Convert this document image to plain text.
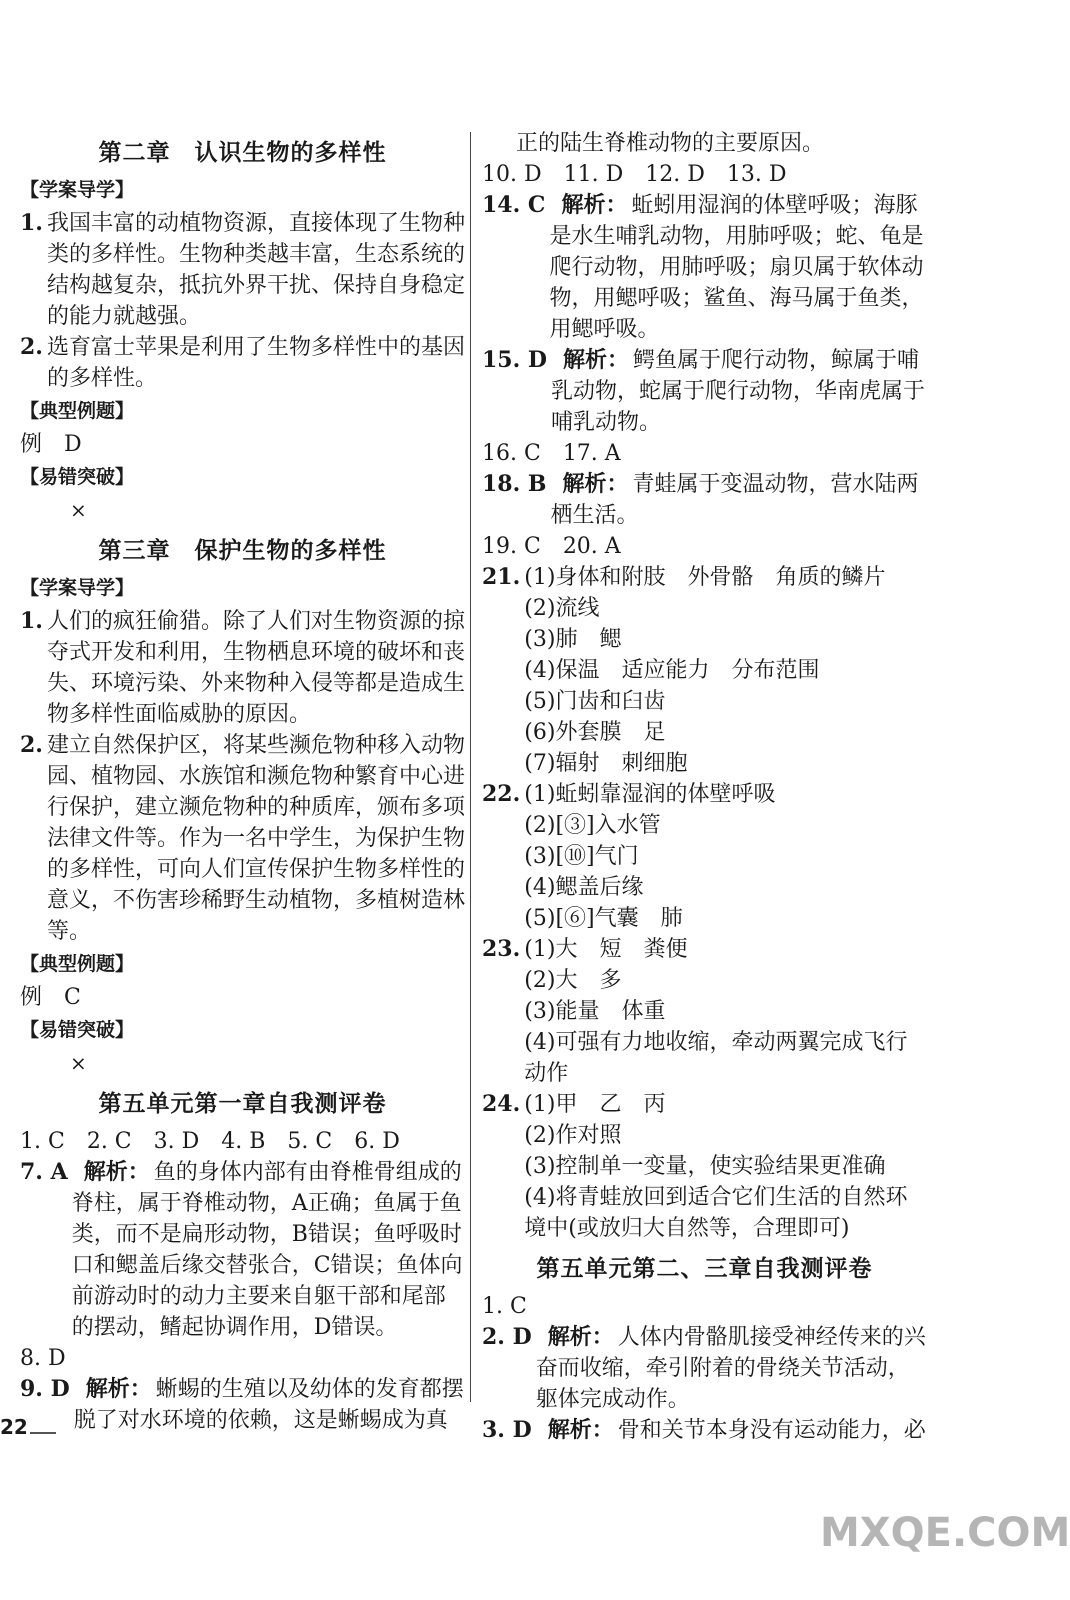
第二章　认识生物的多样性
【学案导学】
1. 我国丰富的动植物资源，直接体现了生物种类的多样性。生物种类越丰富，生态系统的结构越复杂，抵抗外界干扰、保持自身稳定的能力就越强。
2. 选育富士苹果是利用了生物多样性中的基因的多样性。
【典型例题】
例　D
【易错突破】
×
第三章　保护生物的多样性
【学案导学】
1. 人们的疯狂偷猎。除了人们对生物资源的掠夺式开发和利用，生物栖息环境的破坏和丧失、环境污染、外来物种入侵等都是造成生物多样性面临威胁的原因。
2. 建立自然保护区，将某些濒危物种移入动物园、植物园、水族馆和濒危物种繁育中心进行保护，建立濒危物种的种质库，颁布多项法律文件等。作为一名中学生，为保护生物的多样性，可向人们宣传保护生物多样性的意义，不伤害珍稀野生动植物，多植树造林等。
【典型例题】
例　C
【易错突破】
×
第五单元第一章自我测评卷
1. C　2. C　3. D　4. B　5. C　6. D
7. A 解析： 鱼的身体内部有由脊椎骨组成的脊柱，属于脊椎动物，A正确；鱼属于鱼类，而不是扁形动物，B错误；鱼呼吸时口和鳃盖后缘交替张合，C错误；鱼体向前游动时的动力主要来自躯干部和尾部的摆动，鳍起协调作用，D错误。
8. D
9. D 解析： 蜥蜴的生殖以及幼体的发育都摆脱了对水环境的依赖，这是蜥蜴成为真
正的陆生脊椎动物的主要原因。
10. D　11. D　12. D　13. D
14. C 解析： 蚯蚓用湿润的体壁呼吸；海豚是水生哺乳动物，用肺呼吸；蛇、龟是爬行动物，用肺呼吸；扇贝属于软体动物，用鳃呼吸；鲨鱼、海马属于鱼类，用鳃呼吸。
15. D 解析： 鳄鱼属于爬行动物，鲸属于哺乳动物，蛇属于爬行动物，华南虎属于哺乳动物。
16. C　17. A
18. B 解析： 青蛙属于变温动物，营水陆两栖生活。
19. C　20. A
21. (1)身体和附肢　外骨骼　角质的鳞片
(2)流线
(3)肺　鳃
(4)保温　适应能力　分布范围
(5)门齿和臼齿
(6)外套膜　足
(7)辐射　刺细胞
22. (1)蚯蚓靠湿润的体壁呼吸
(2)[③]入水管
(3)[⑩]气门
(4)鳃盖后缘
(5)[⑥]气囊　肺
23. (1)大　短　粪便
(2)大　多
(3)能量　体重
(4)可强有力地收缩，牵动两翼完成飞行动作
24. (1)甲　乙　丙
(2)作对照
(3)控制单一变量，使实验结果更准确
(4)将青蛙放回到适合它们生活的自然环境中(或放归大自然等，合理即可)
第五单元第二、三章自我测评卷
1. C
2. D 解析： 人体内骨骼肌接受神经传来的兴奋而收缩，牵引附着的骨绕关节活动，躯体完成动作。
3. D 解析： 骨和关节本身没有运动能力，必
22
MXQE.COM
